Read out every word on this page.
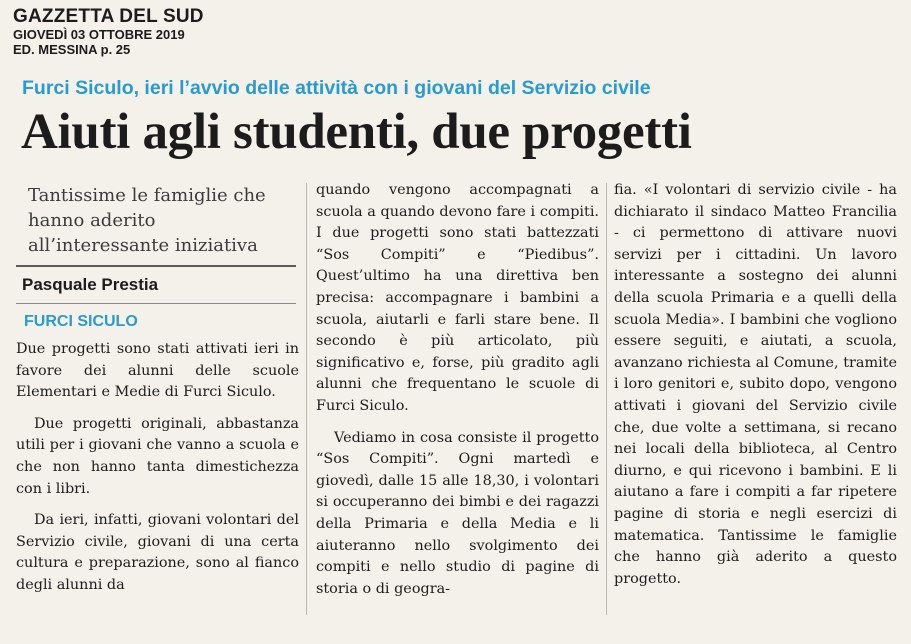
GAZZETTA DEL SUD
GIOVEDÌ 03 OTTOBRE 2019
ED. MESSINA p. 25
Furci Siculo, ieri l’avvio delle attività con i giovani del Servizio civile
Aiuti agli studenti, due progetti
Tantissime le famiglie che hanno aderito all’interessante iniziativa
Pasquale Prestia
FURCI SICULO

Due progetti sono stati attivati ieri in favore dei alunni delle scuole Elementari e Medie di Furci Siculo.

Due progetti originali, abbastanza utili per i giovani che vanno a scuola e che non hanno tanta dimestichezza con i libri.

Da ieri, infatti, giovani volontari del Servizio civile, giovani di una certa cultura e preparazione, sono al fianco degli alunni da

quando vengono accompagnati a scuola a quando devono fare i compiti. I due progetti sono stati battezzati “Sos Compiti” e “Piedibus”. Quest’ultimo ha una direttiva ben precisa: accompagnare i bambini a scuola, aiutarli e farli stare bene. Il secondo è più articolato, più significativo e, forse, più gradito agli alunni che frequentano le scuole di Furci Siculo.

Vediamo in cosa consiste il progetto “Sos Compiti”. Ogni martedì e giovedì, dalle 15 alle 18,30, i volontari si occuperanno dei bimbi e dei ragazzi della Primaria e della Media e li aiuteranno nello svolgimento dei compiti e nello studio di pagine di storia o di geogra-

fia. «I volontari di servizio civile - ha dichiarato il sindaco Matteo Francilia - ci permettono di attivare nuovi servizi per i cittadini. Un lavoro interessante a sostegno dei alunni della scuola Primaria e a quelli della scuola Media». I bambini che vogliono essere seguiti, e aiutati, a scuola, avanzano richiesta al Comune, tramite i loro genitori e, subito dopo, vengono attivati i giovani del Servizio civile che, due volte a settimana, si recano nei locali della biblioteca, al Centro diurno, e qui ricevono i bambini. E li aiutano a fare i compiti a far ripetere pagine di storia e negli esercizi di matematica. Tantissime le famiglie che hanno già aderito a questo progetto.
